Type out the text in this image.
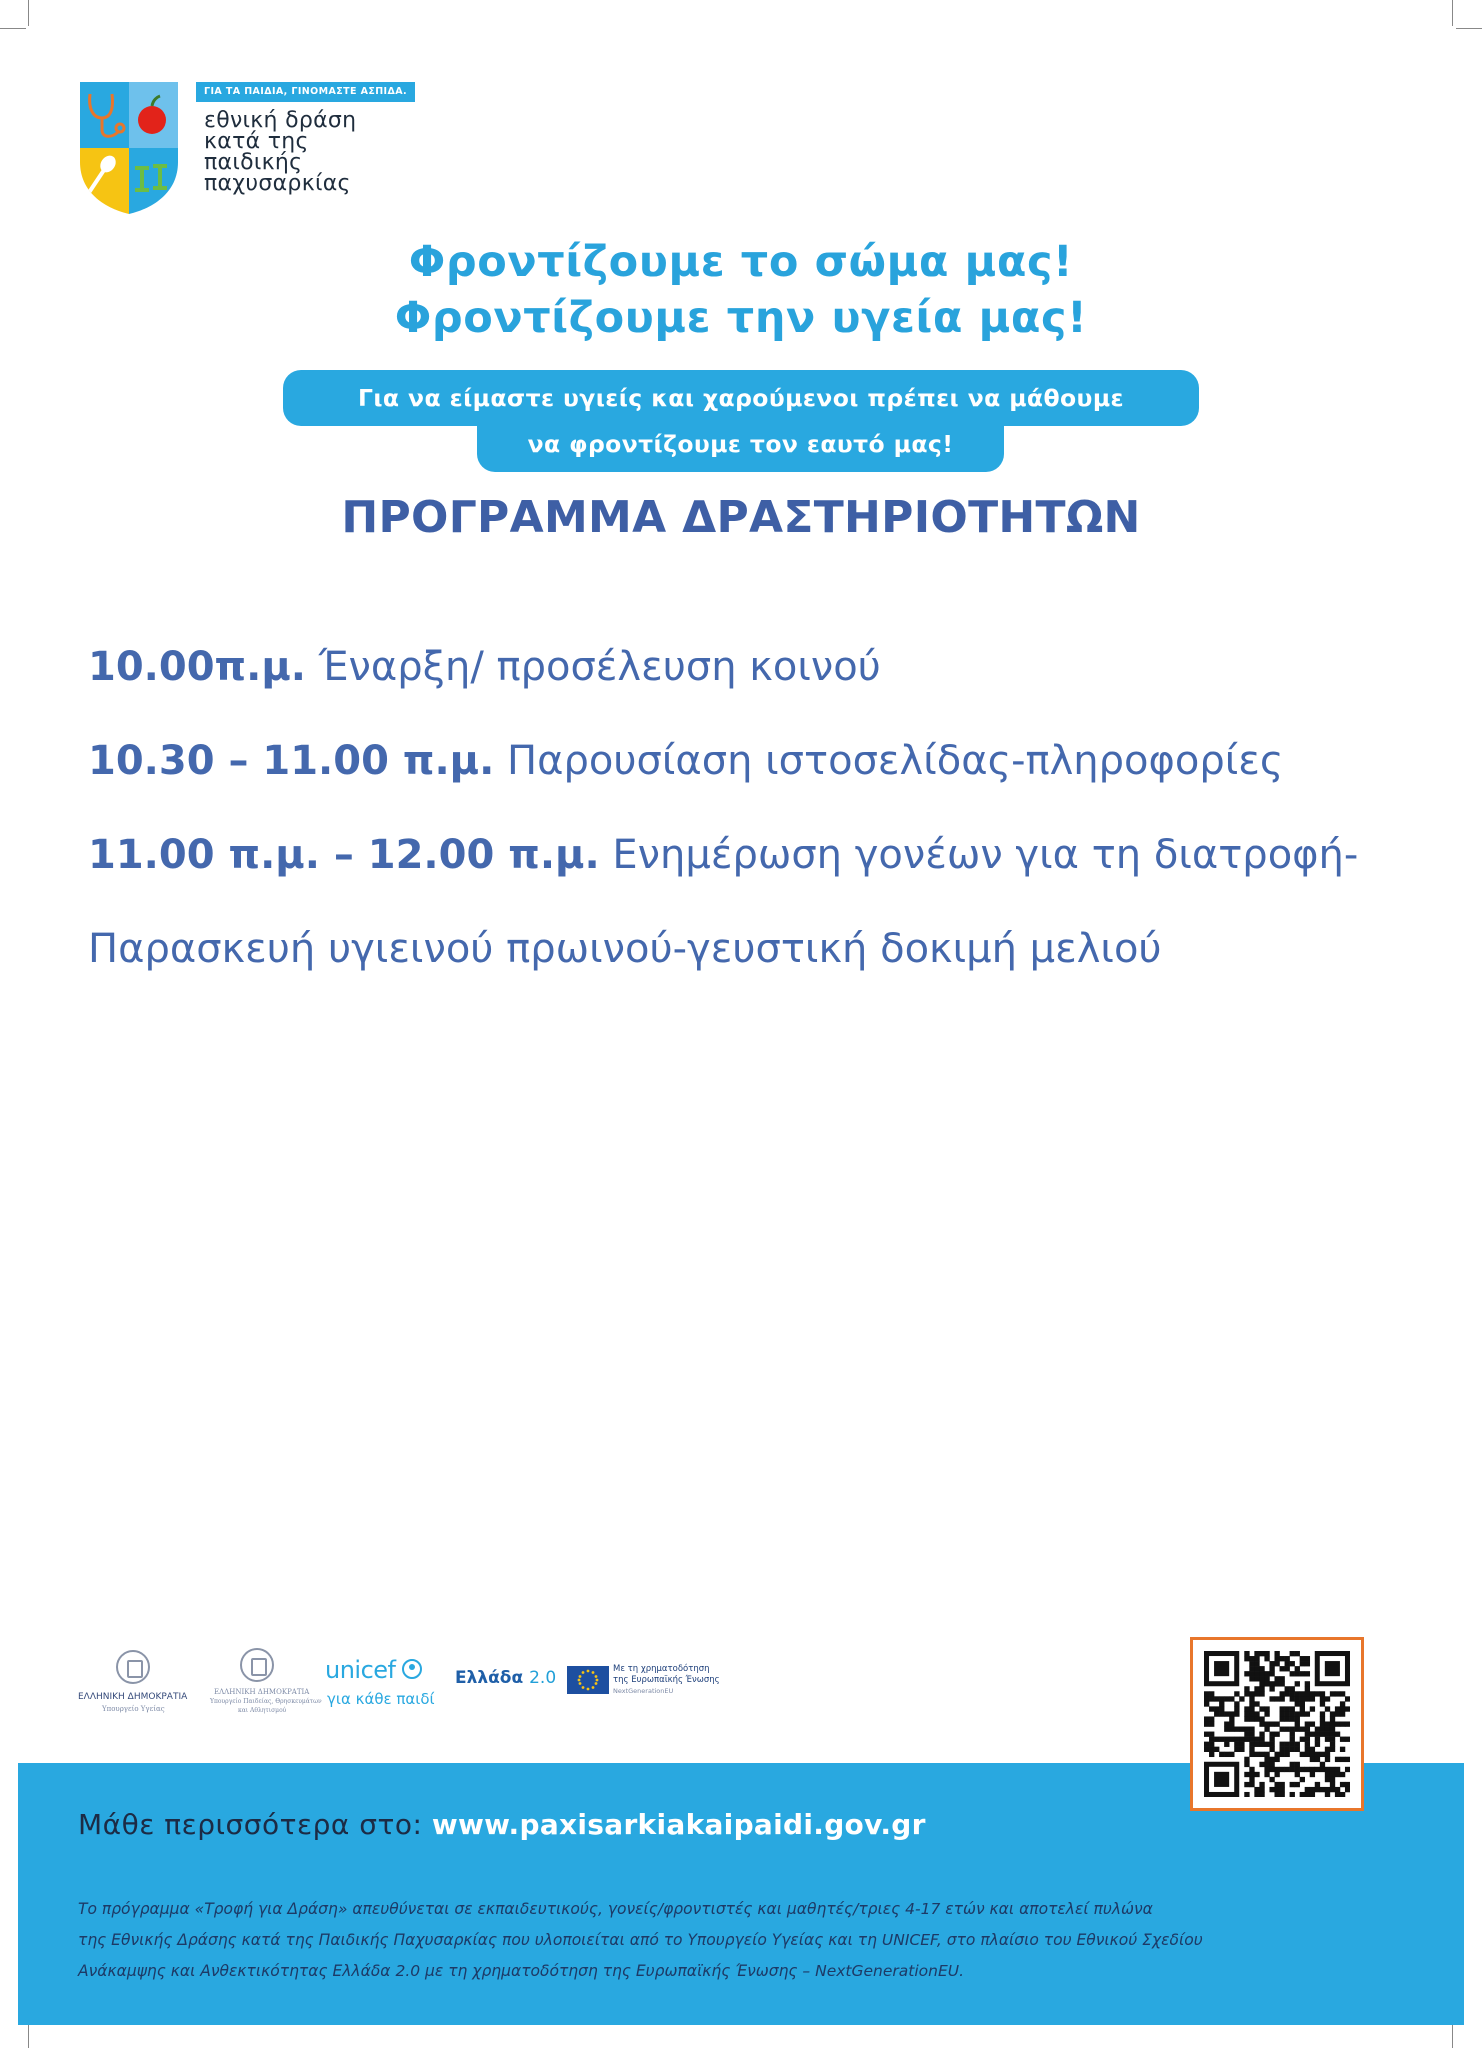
ΓΙΑ ΤΑ ΠΑΙΔΙΑ, ΓΙΝΟΜΑΣΤΕ ΑΣΠΙΔΑ.
εθνική δράση
κατά της
παιδικής
παχυσαρκίας
Φροντίζουμε το σώμα μας!
Φροντίζουμε την υγεία μας!
να φροντίζουμε τον εαυτό μας!
Για να είμαστε υγιείς και χαρούμενοι πρέπει να μάθουμε
ΠΡΟΓΡΑΜΜΑ ΔΡΑΣΤΗΡΙΟΤΗΤΩΝ
10.00π.μ. Έναρξη/ προσέλευση κοινού
10.30 – 11.00 π.μ. Παρουσίαση ιστοσελίδας-πληροφορίες
11.00 π.μ. – 12.00 π.μ. Ενημέρωση γονέων για τη διατροφή-
Παρασκευή υγιεινού πρωινού-γευστική δοκιμή μελιού
ΕΛΛΗΝΙΚΗ ΔΗΜΟΚΡΑΤΙΑ
Υπουργείο Υγείας
ΕΛΛΗΝΙΚΗ ΔΗΜΟΚΡΑΤΙΑ
Υπουργείο Παιδείας, Θρησκευμάτων
και Αθλητισμού
unicef
για κάθε παιδί
Ελλάδα 2.0	Με τη χρηματοδότηση
της Ευρωπαϊκής Ένωσης
NextGenerationEU
Μάθε περισσότερα στο: www.paxisarkiakaipaidi.gov.gr
Το πρόγραμμα «Τροφή για Δράση» απευθύνεται σε εκπαιδευτικούς, γονείς/φροντιστές και μαθητές/τριες 4-17 ετών και αποτελεί πυλώνα
της Εθνικής Δράσης κατά της Παιδικής Παχυσαρκίας που υλοποιείται από το Υπουργείο Υγείας και τη UNICEF, στο πλαίσιο του Εθνικού Σχεδίου
Ανάκαμψης και Ανθεκτικότητας Ελλάδα 2.0 με τη χρηματοδότηση της Ευρωπαϊκής Ένωσης – NextGenerationEU.
